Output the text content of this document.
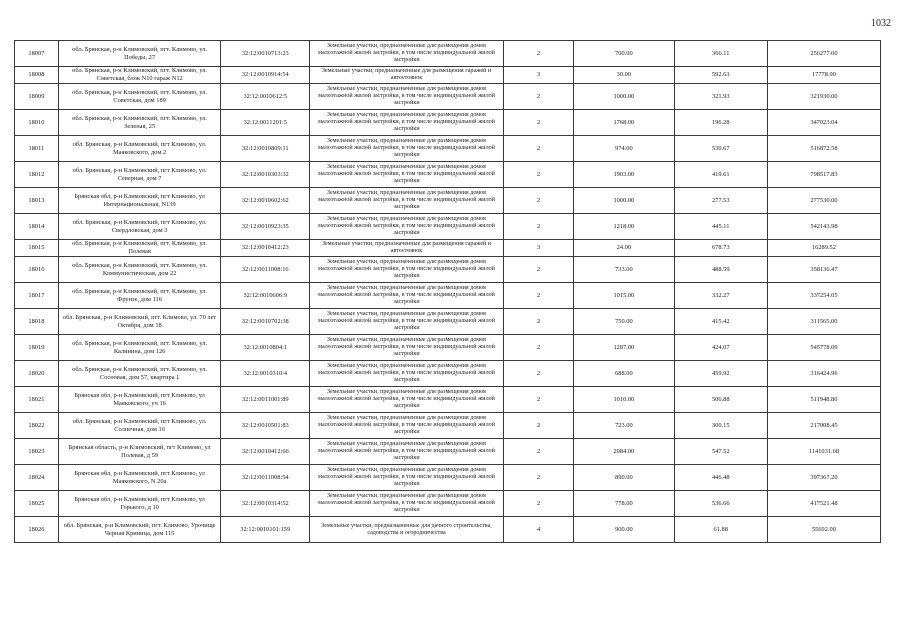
1032
18007	обл. Брянская, р-н Климовский, пгт. Климово, ул. Победы, 27	32:12:0010713:23	Земельные участки, предназначенные для размещения домов малоэтажной жилой застройки, в том числе индивидуальной жилой застройки	2	700.00	366.11	256277.00
18008	обл. Брянская, р-н Климовский, пгт. Климово, ул. Советская, блок N10 гараж N12	32:12:0010914:54	Земельные участки, предназначенные для размещения гаражей и автостоянок	3	30.00	592.63	17778.90
18009	обл. Брянская, р-н Климовский, пгт. Климово, ул. Советская, дом 189	32:12:0010612:5	Земельные участки, предназначенные для размещения домов малоэтажной жилой застройки, в том числе индивидуальной жилой застройки	2	1000.00	321.93	321930.00
18010	обл. Брянская, р-н Климовский, пгт. Климово, ул. Зеленая, 25	32:12:0011201:5	Земельные участки, предназначенные для размещения домов малоэтажной жилой застройки, в том числе индивидуальной жилой застройки	2	1768.00	196.28	347023.04
18011	обл. Брянская, р-н Климовский, пгт Климово, ул. Маяковского, дом 2	32:12:0010809:11	Земельные участки, предназначенные для размещения домов малоэтажной жилой застройки, в том числе индивидуальной жилой застройки	2	974.00	530.67	516872.58
18012	обл. Брянская, р-н Климовский, пгт Климово, ул. Северная, дом 7	32:12:0010303:32	Земельные участки, предназначенные для размещения домов малоэтажной жилой застройки, в том числе индивидуальной жилой застройки	2	1903.00	419.61	798517.83
18013	Брянская обл, р-н Климовский, пгт Климово, ул Интернациональная, N139	32:12:0010602:62	Земельные участки, предназначенные для размещения домов малоэтажной жилой застройки, в том числе индивидуальной жилой застройки	2	1000.00	277.53	277530.00
18014	обл. Брянская, р-н Климовский, пгт Климово, ул. Свердловская, дом 3	32:12:0010923:35	Земельные участки, предназначенные для размещения домов малоэтажной жилой застройки, в том числе индивидуальной жилой застройки	2	1218.00	445.11	542143.98
18015	обл. Брянская, р-н Климовский, пгт. Климово, ул. Полевая	32:12:0010412:23	Земельные участки, предназначенные для размещения гаражей и автостоянок	3	24.00	678.73	16289.52
18016	обл. Брянская, р-н Климовский, пгт. Климово, ул. Коммунистическая, дом 22	32:12:0011008:16	Земельные участки, предназначенные для размещения домов малоэтажной жилой застройки, в том числе индивидуальной жилой застройки	2	733.00	488.59	358136.47
18017	обл. Брянская, р-н Климовский, пгт. Климово, ул. Фрунзе, дом 116	32:12:0010606:9	Земельные участки, предназначенные для размещения домов малоэтажной жилой застройки, в том числе индивидуальной жилой застройки	2	1015.00	332.27	337254.05
18018	обл. Брянская, р-н Климовский, пгт. Климово, ул. 70 лет Октября, дом 18	32:12:0010702:38	Земельные участки, предназначенные для размещения домов малоэтажной жилой застройки, в том числе индивидуальной жилой застройки	2	750.00	415.42	311565.00
18019	обл. Брянская, р-н Климовский, пгт. Климово, ул. Калинина, дом 126	32:12:0010804:1	Земельные участки, предназначенные для размещения домов малоэтажной жилой застройки, в том числе индивидуальной жилой застройки	2	1287.00	424.07	545778.09
18020	обл. Брянская, р-н Климовский, пгт. Климово, ул. Сосновая, дом 57, квартира 1	32:12:0010310:4	Земельные участки, предназначенные для размещения домов малоэтажной жилой застройки, в том числе индивидуальной жилой застройки	2	688.00	459.92	316424.96
18021	Брянская обл, р-н Климовский, пгт Климово, ул Маяковского, уч 16	32:12:0011001:89	Земельные участки, предназначенные для размещения домов малоэтажной жилой застройки, в том числе индивидуальной жилой застройки	2	1010.00	506.88	511948.80
18022	обл. Брянская, р-н Климовский, пгт Климово, ул. Солнечная, дом 16	32:12:0010501:83	Земельные участки, предназначенные для размещения домов малоэтажной жилой застройки, в том числе индивидуальной жилой застройки	2	723.00	300.15	217008.45
18023	Брянская область, р-н Климовский, пгт Климово, ул Полевая, д 59	32:12:0010412:66	Земельные участки, предназначенные для размещения домов малоэтажной жилой застройки, в том числе индивидуальной жилой застройки	2	2084.00	547.52	1141031.68
18024	Брянская обл, р-н Климовский, пгт Климово, ул Маяковского, N 20а	32:12:0011008:54	Земельные участки, предназначенные для размещения домов малоэтажной жилой застройки, в том числе индивидуальной жилой застройки	2	890.00	446.48	397367.20
18025	Брянская обл, р-н Климовский, пгт Климово, ул Горького, д 10	32:12:0010314:52	Земельные участки, предназначенные для размещения домов малоэтажной жилой застройки, в том числе индивидуальной жилой застройки	2	778.00	536.66	417521.48
18026	обл. Брянская, р-н Климовский, пгт. Климово, Урочище Черная Криница, дом 115	32:12:0010101:159	Земельные участки, предназначенные для дачного строительства, садоводства и огородничества	4	900.00	61.88	55692.00
